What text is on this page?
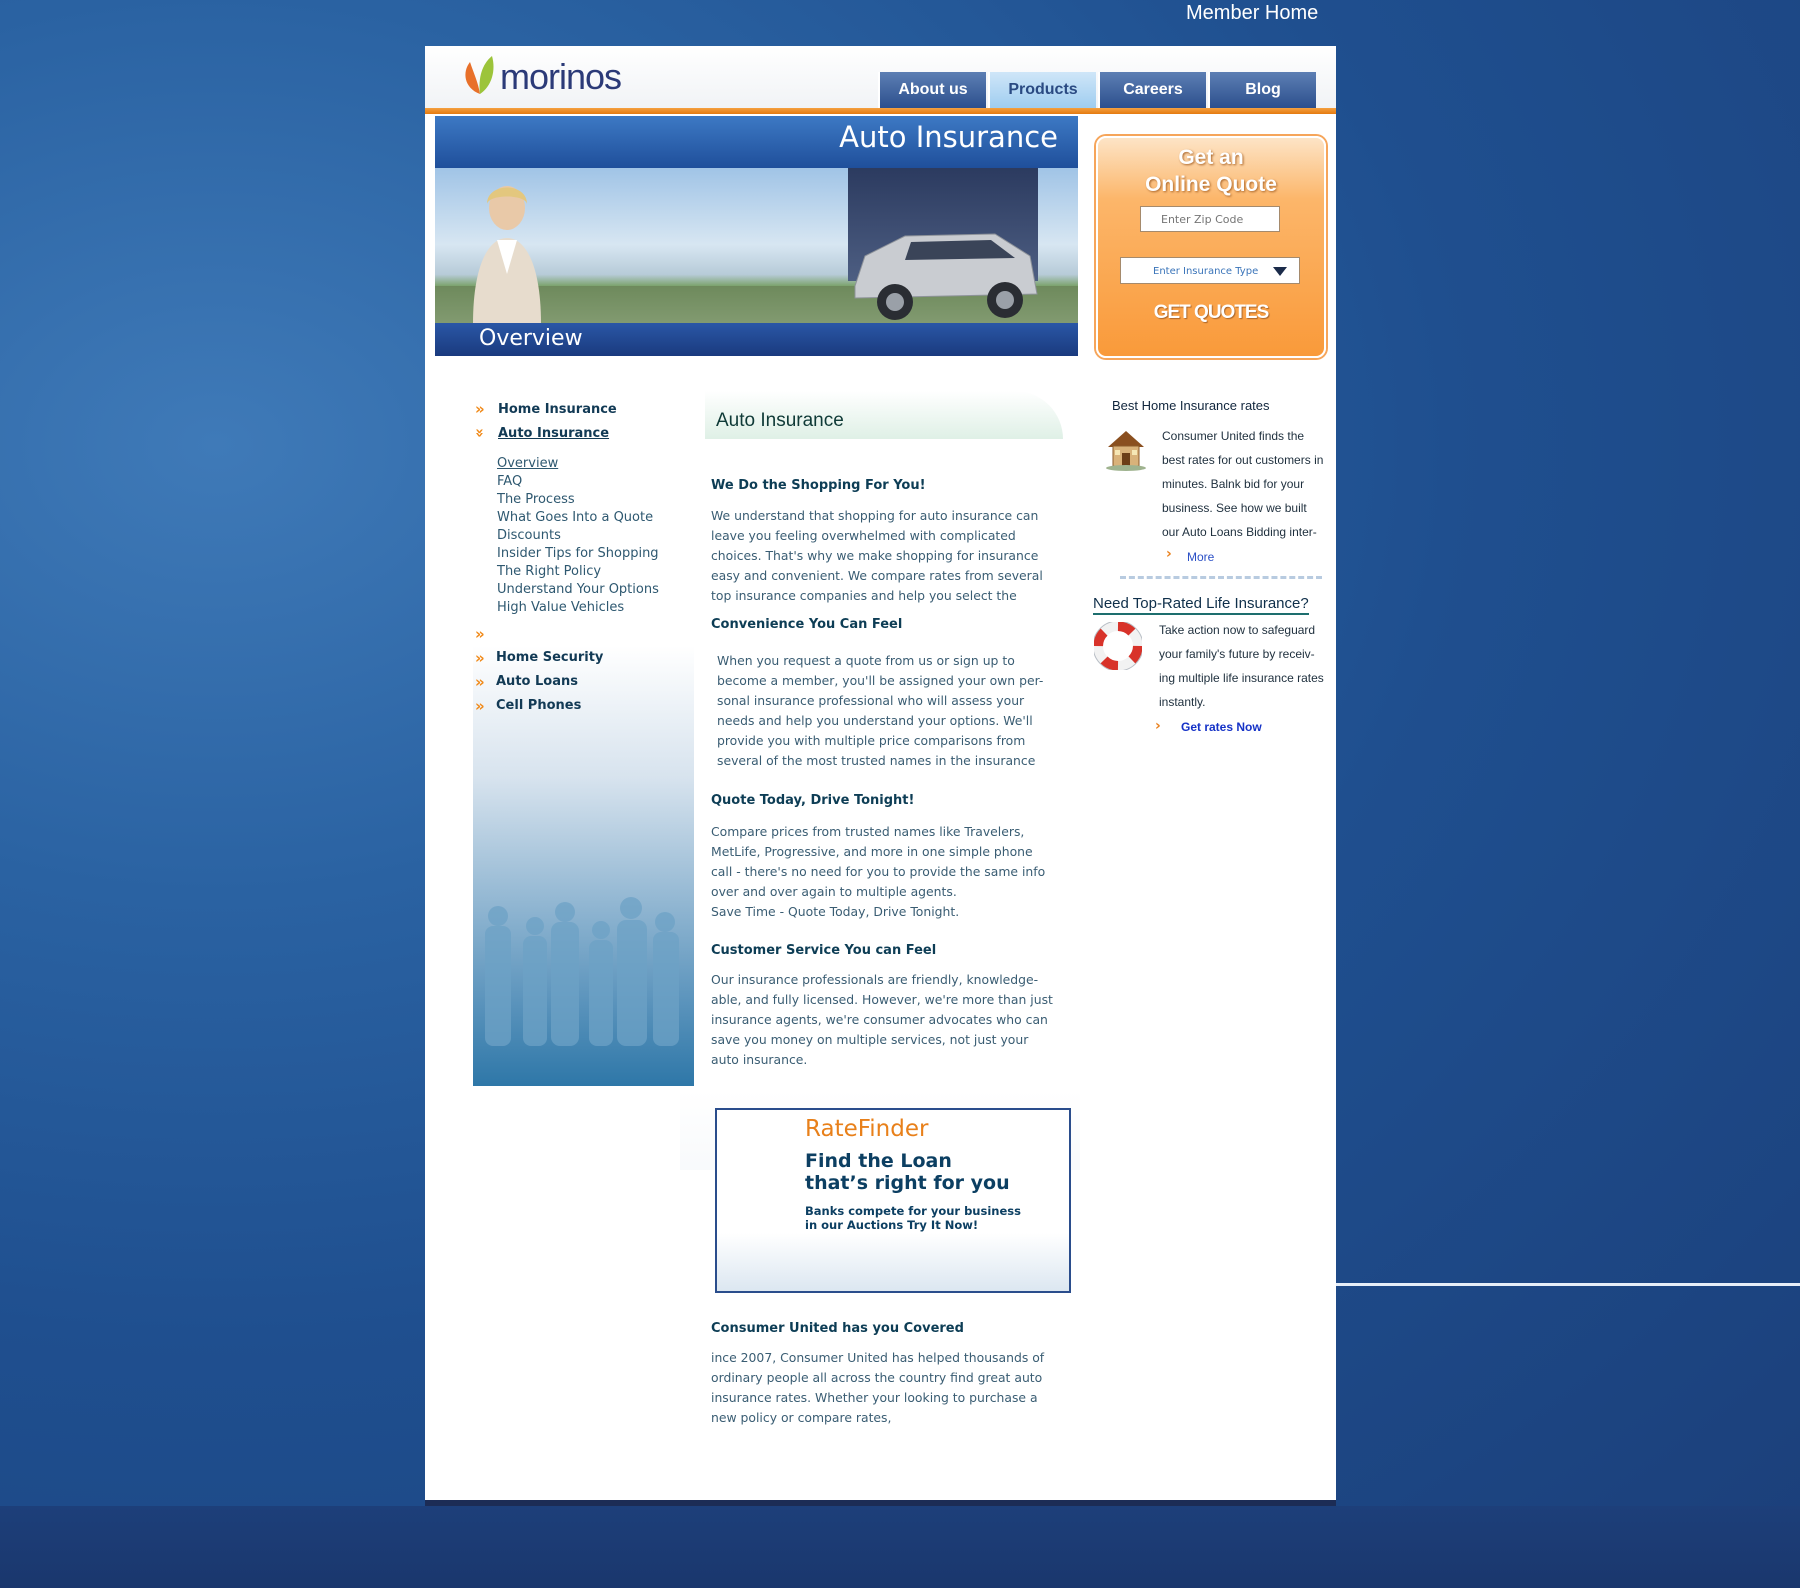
Member Home
morinos	About us	Products	Careers	Blog
Auto Insurance
Overview
Get an
Online Quote
Enter Zip Code
Enter Insurance Type
GET QUOTES
» Home Insurance
» Auto Insurance
Overview
FAQ
The Process
What Goes Into a Quote
Discounts
Insider Tips for Shopping
The Right Policy
Understand Your Options
High Value Vehicles
»
» Home Security
» Auto Loans
» Cell Phones
Auto Insurance
We Do the Shopping For You!
We understand that shopping for auto insurance can
leave you feeling overwhelmed with complicated
choices. That's why we make shopping for insurance
easy and convenient. We compare rates from several
top insurance companies and help you select the
Convenience You Can Feel
When you request a quote from us or sign up to
become a member, you'll be assigned your own per-
sonal insurance professional who will assess your
needs and help you understand your options. We'll
provide you with multiple price comparisons from
several of the most trusted names in the insurance
Quote Today, Drive Tonight!
Compare prices from trusted names like Travelers,
MetLife, Progressive, and more in one simple phone
call - there's no need for you to provide the same info
over and over again to multiple agents.
Save Time - Quote Today, Drive Tonight.
Customer Service You can Feel
Our insurance professionals are friendly, knowledge-
able, and fully licensed. However, we're more than just
insurance agents, we're consumer advocates who can
save you money on multiple services, not just your
auto insurance.
RateFinder
Find the Loan
that’s right for you
Banks compete for your business
in our Auctions Try It Now!
Consumer United has you Covered
ince 2007, Consumer United has helped thousands of
ordinary people all across the country find great auto
insurance rates. Whether your looking to purchase a
new policy or compare rates,
Best Home Insurance rates
Consumer United finds the
best rates for out customers in
minutes. Balnk bid for your
business. See how we built
our Auto Loans Bidding inter-
› More
Need Top-Rated Life Insurance?
Take action now to safeguard
your family's future by receiv-
ing multiple life insurance rates
instantly.
› Get rates Now
